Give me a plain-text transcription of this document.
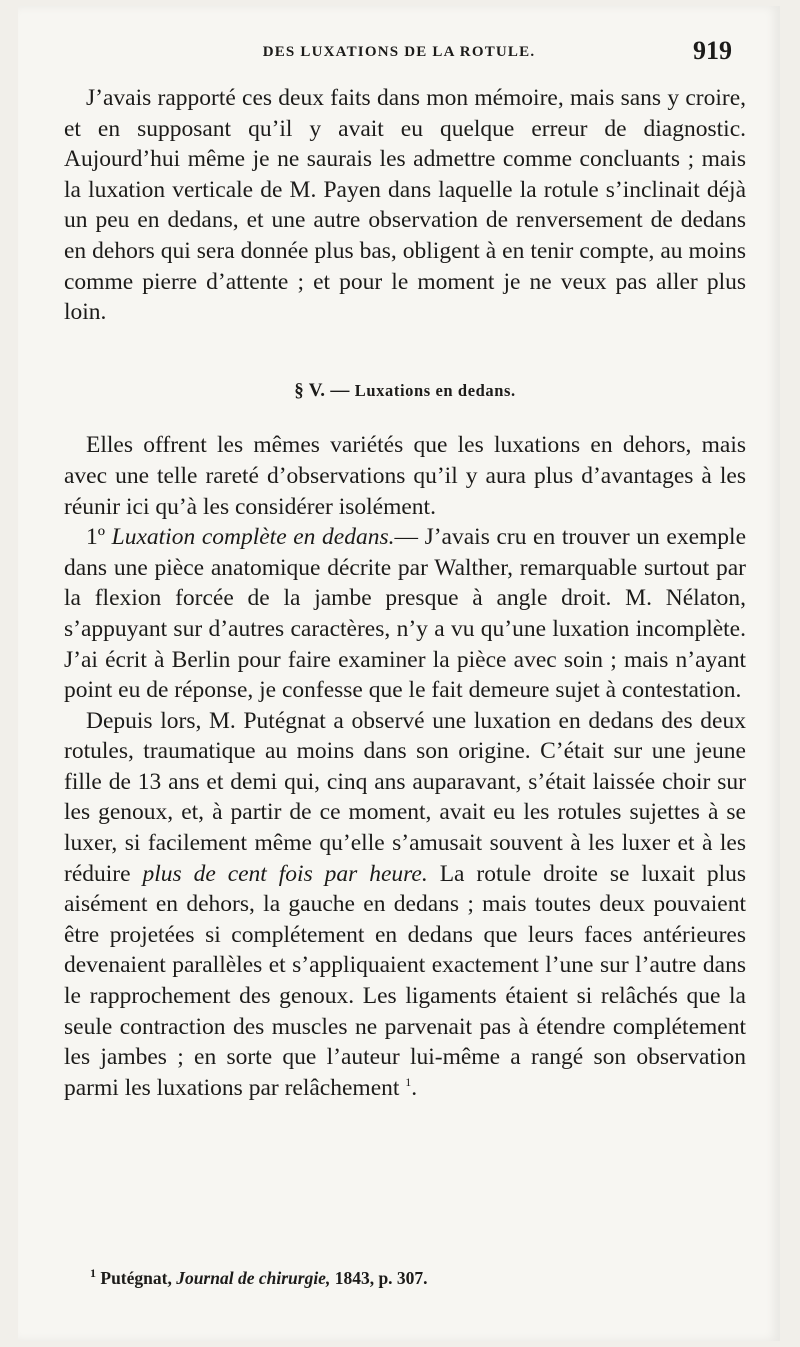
DES LUXATIONS DE LA ROTULE.	919

J’avais rapporté ces deux faits dans mon mémoire, mais sans y croire, et en supposant qu’il y avait eu quelque erreur de diagnostic. Aujourd’hui même je ne saurais les admettre comme concluants ; mais la luxation verticale de M. Payen dans laquelle la rotule s’inclinait déjà un peu en dedans, et une autre observation de renversement de dedans en dehors qui sera donnée plus bas, obligent à en tenir compte, au moins comme pierre d’attente ; et pour le moment je ne veux pas aller plus loin.

§ V. — Luxations en dedans.

Elles offrent les mêmes variétés que les luxations en dehors, mais avec une telle rareté d’observations qu’il y aura plus d’avantages à les réunir ici qu’à les considérer isolément.

1º Luxation complète en dedans.— J’avais cru en trouver un exemple dans une pièce anatomique décrite par Walther, remarquable surtout par la flexion forcée de la jambe presque à angle droit. M. Nélaton, s’appuyant sur d’autres caractères, n’y a vu qu’une luxation incomplète. J’ai écrit à Berlin pour faire examiner la pièce avec soin ; mais n’ayant point eu de réponse, je confesse que le fait demeure sujet à contestation.

Depuis lors, M. Putégnat a observé une luxation en dedans des deux rotules, traumatique au moins dans son origine. C’était sur une jeune fille de 13 ans et demi qui, cinq ans auparavant, s’était laissée choir sur les genoux, et, à partir de ce moment, avait eu les rotules sujettes à se luxer, si facilement même qu’elle s’amusait souvent à les luxer et à les réduire plus de cent fois par heure. La rotule droite se luxait plus aisément en dehors, la gauche en dedans ; mais toutes deux pouvaient être projetées si complétement en dedans que leurs faces antérieures devenaient parallèles et s’appliquaient exactement l’une sur l’autre dans le rapprochement des genoux. Les ligaments étaient si relâchés que la seule contraction des muscles ne parvenait pas à étendre complétement les jambes ; en sorte que l’auteur lui-même a rangé son observation parmi les luxations par relâchement $^1$.

$^1$ Putégnat, Journal de chirurgie, 1843, p. 307.
